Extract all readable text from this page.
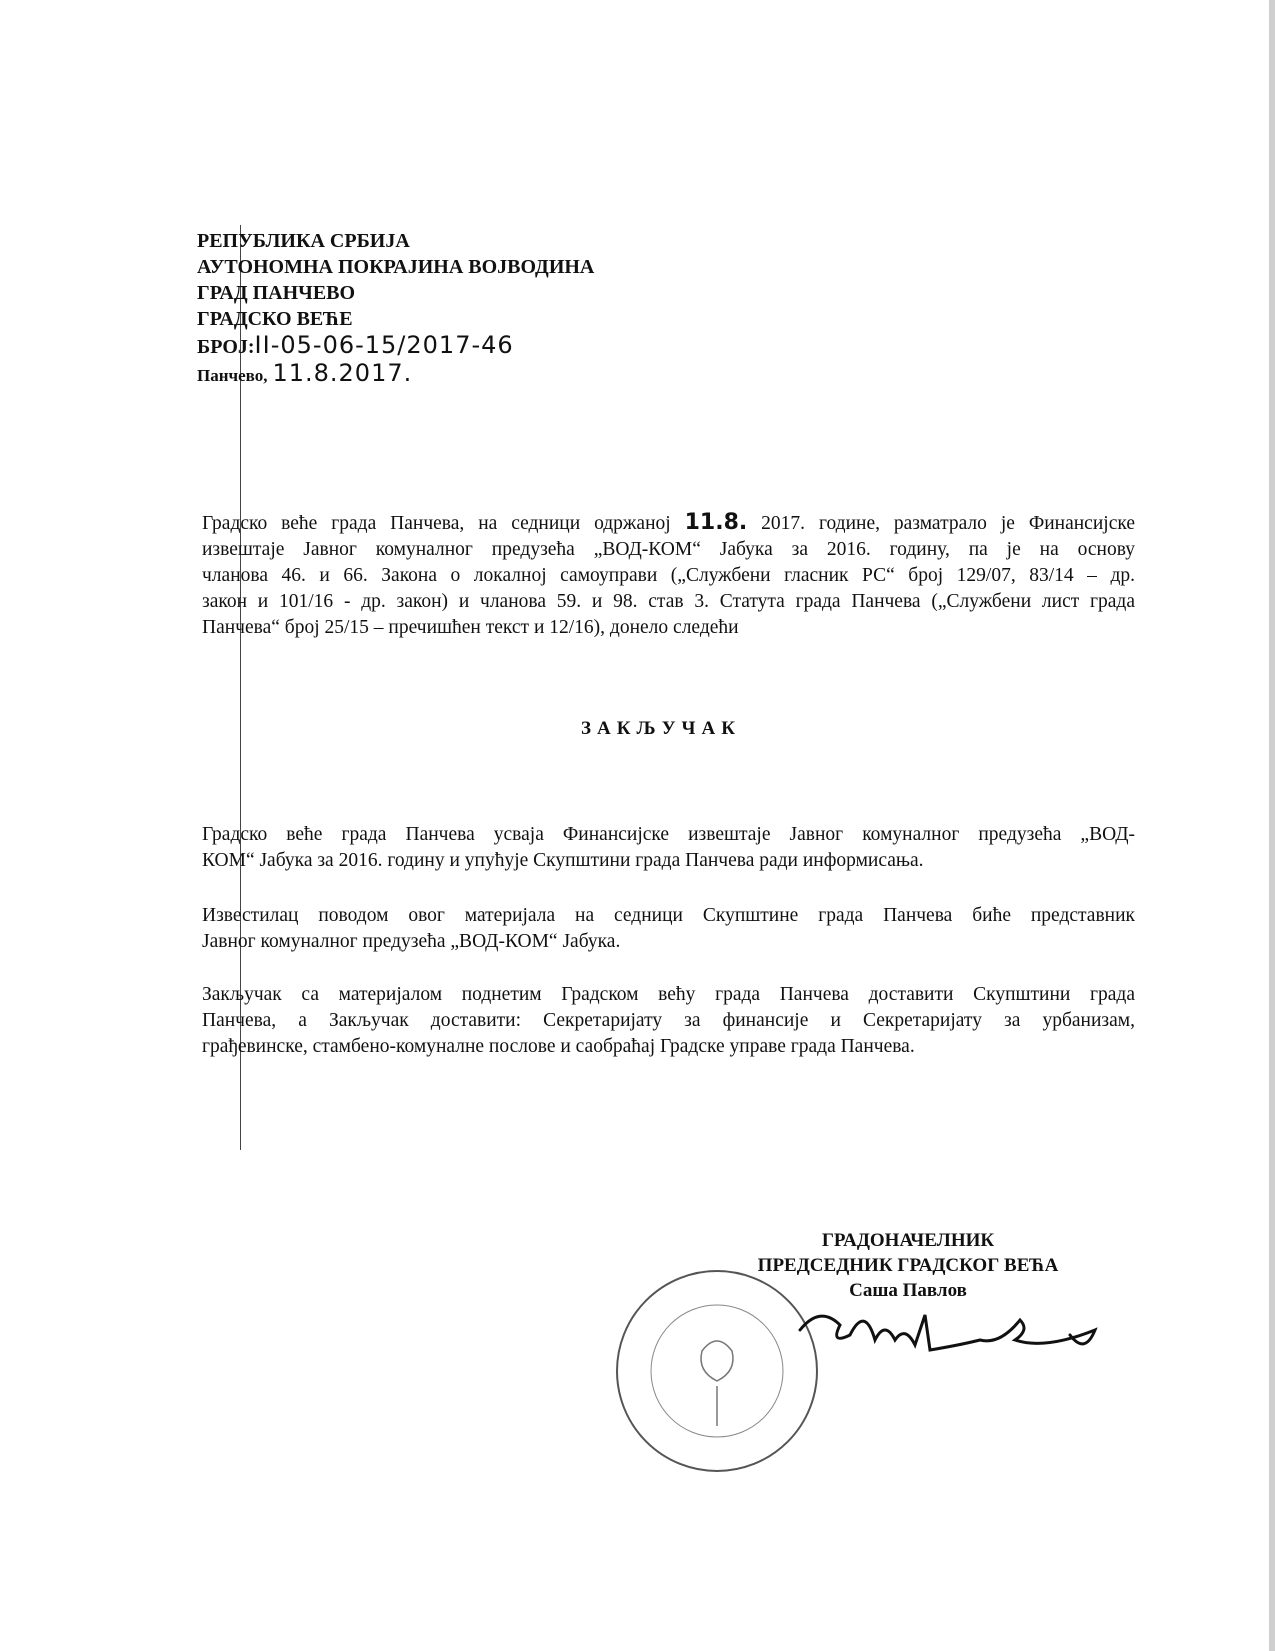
РЕПУБЛИКА СРБИЈА
АУТОНОМНА ПОКРАЈИНА ВОЈВОДИНА
ГРАД ПАНЧЕВО
ГРАДСКО ВЕЋЕ
БРОЈ:II-05-06-15/2017-46
Панчево, 11.8.2017.
Градско веће града Панчева, на седници одржаној 11.8. 2017. године, разматрало је Финансијске
извештаје Јавног комуналног предузећа „ВОД-КОМ“ Јабука за 2016. годину, па је на основу
чланова 46. и 66. Закона о локалној самоуправи („Службени гласник РС“ број 129/07, 83/14 – др.
закон и 101/16 - др. закон) и чланова 59. и 98. став 3. Статута града Панчева („Службени лист града
Панчева“ број 25/15 – пречишћен текст и 12/16), донело следећи
ЗАКЉУЧАК
Градско веће града Панчева усваја Финансијске извештаје Јавног комуналног предузећа „ВОД-
КОМ“ Јабука за 2016. годину и упућује Скупштини града Панчева ради информисања.
Известилац поводом овог материјала на седници Скупштине града Панчева биће представник
Јавног комуналног предузећа „ВОД-КОМ“ Јабука.
Закључак са материјалом поднетим Градском већу града Панчева доставити Скупштини града
Панчева, а Закључак доставити: Секретаријату за финансије и Секретаријату за урбанизам,
грађевинске, стамбено-комуналне послове и саобраћај Градске управе града Панчева.
ГРАДОНАЧЕЛНИК
ПРЕДСЕДНИК ГРАДСКОГ ВЕЋА
Саша Павлов
